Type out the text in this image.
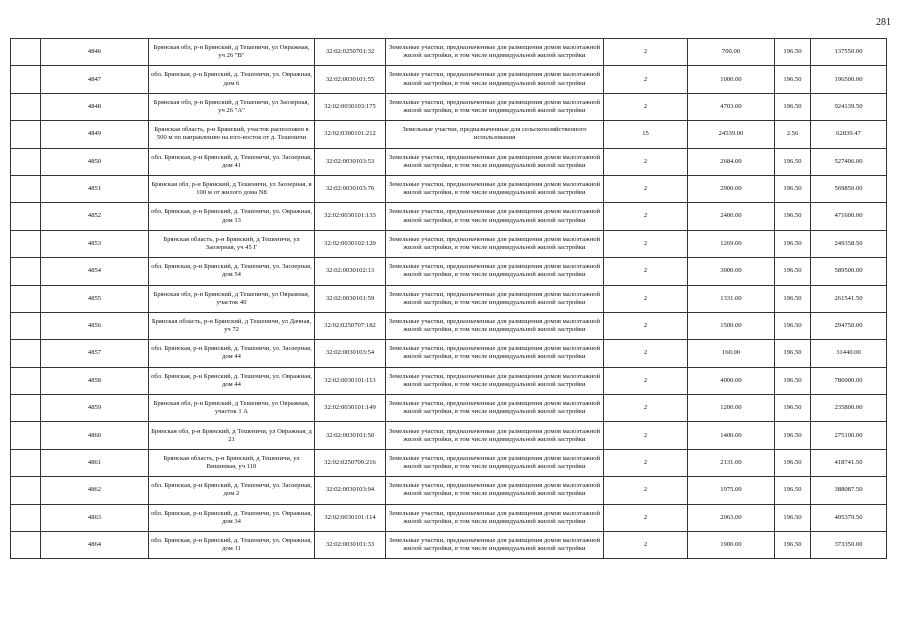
281
	4846	Брянская обл, р-н Брянский, д Тешеничи, ул Овражная, уч 26 "В"	32:02:0250701:32	Земельные участки, предназначенные для размещения домов малоэтажной жилой застройки, в том числе индивидуальной жилой застройки	2	700.00	196.50	137550.00
	4847	обл. Брянская, р-н Брянский, д. Тешеничи, ул. Овражная, дом 6	32:02:0030101:55	Земельные участки, предназначенные для размещения домов малоэтажной жилой застройки, в том числе индивидуальной жилой застройки	2	1000.00	196.50	196500.00
	4848	Брянская обл, р-н Брянский, д Тешеничи, ул Заозерная, уч 26 "А"	32:02:0030103:175	Земельные участки, предназначенные для размещения домов малоэтажной жилой застройки, в том числе индивидуальной жилой застройки	2	4703.00	196.50	924139.50
	4849	Брянская область, р-н Брянский, участок расположен в 500 м по направлению на юго-восток от д. Тешеничи	32:02:0300101:212	Земельные участки, предназначенные для сельскохозяйственного использования	15	24539.00	2.56	62839.47
	4850	обл. Брянская, р-н Брянский, д. Тешеничи, ул. Заозерная, дом 41	32:02:0030103:53	Земельные участки, предназначенные для размещения домов малоэтажной жилой застройки, в том числе индивидуальной жилой застройки	2	2684.00	196.50	527406.00
	4851	Брянская обл, р-н Брянский, д Тешеничи, ул Заозерная, в 100 м от жилого дома N8	32:02:0030103:76	Земельные участки, предназначенные для размещения домов малоэтажной жилой застройки, в том числе индивидуальной жилой застройки	2	2900.00	196.50	569850.00
	4852	обл. Брянская, р-н Брянский, д. Тешеничи, ул. Овражная, дом 13	32:02:0030101:133	Земельные участки, предназначенные для размещения домов малоэтажной жилой застройки, в том числе индивидуальной жилой застройки	2	2400.00	196.50	471600.00
	4853	Брянская область, р-н Брянский, д Тешеничи, ул Заозерная, уч 45 Г	32:02:0030102:120	Земельные участки, предназначенные для размещения домов малоэтажной жилой застройки, в том числе индивидуальной жилой застройки	2	1269.00	196.50	249358.50
	4854	обл. Брянская, р-н Брянский, д. Тешеничи, ул. Заозерная, дом 54	32:02:0030102:13	Земельные участки, предназначенные для размещения домов малоэтажной жилой застройки, в том числе индивидуальной жилой застройки	2	3000.00	196.50	589500.00
	4855	Брянская обл, р-н Брянский, д Тешеничи, ул Овражная, участок 40	32:02:0030101:59	Земельные участки, предназначенные для размещения домов малоэтажной жилой застройки, в том числе индивидуальной жилой застройки	2	1331.00	196.50	261541.50
	4856	Брянская область, р-н Брянский, д Тешеничи, ул Дачная, уч 72	32:02:0250707:182	Земельные участки, предназначенные для размещения домов малоэтажной жилой застройки, в том числе индивидуальной жилой застройки	2	1500.00	196.50	294750.00
	4857	обл. Брянская, р-н Брянский, д. Тешеничи, ул. Заозерная, дом 44	32:02:0030103:54	Земельные участки, предназначенные для размещения домов малоэтажной жилой застройки, в том числе индивидуальной жилой застройки	2	160.00	196.50	31440.00
	4858	обл. Брянская, р-н Брянский, д. Тешеничи, ул. Овражная, дом 44	32:02:0030101:113	Земельные участки, предназначенные для размещения домов малоэтажной жилой застройки, в том числе индивидуальной жилой застройки	2	4000.00	196.50	786000.00
	4859	Брянская обл, р-н Брянский, д Тешеничи, ул Овражная, участок 1 А	32:02:0030101:149	Земельные участки, предназначенные для размещения домов малоэтажной жилой застройки, в том числе индивидуальной жилой застройки	2	1200.00	196.50	235800.00
	4860	Брянская обл, р-н Брянский, д Тешеничи, ул Овражная, д 21	32:02:0030101:50	Земельные участки, предназначенные для размещения домов малоэтажной жилой застройки, в том числе индивидуальной жилой застройки	2	1400.00	196.50	275100.00
	4861	Брянская область, р-н Брянский, д Тешеничи, ул Вишневая, уч 110	32:02:0250709:216	Земельные участки, предназначенные для размещения домов малоэтажной жилой застройки, в том числе индивидуальной жилой застройки	2	2131.00	196.50	418741.50
	4862	обл. Брянская, р-н Брянский, д. Тешеничи, ул. Заозерная, дом 2	32:02:0030103:94	Земельные участки, предназначенные для размещения домов малоэтажной жилой застройки, в том числе индивидуальной жилой застройки	2	1975.00	196.50	388087.50
	4863	обл. Брянская, р-н Брянский, д. Тешеничи, ул. Овражная, дом 34	32:02:0030101:114	Земельные участки, предназначенные для размещения домов малоэтажной жилой застройки, в том числе индивидуальной жилой застройки	2	2063.00	196.50	405379.50
	4864	обл. Брянская, р-н Брянский, д. Тешеничи, ул. Овражная, дом 11	32:02:0030101:33	Земельные участки, предназначенные для размещения домов малоэтажной жилой застройки, в том числе индивидуальной жилой застройки	2	1900.00	196.50	373350.00
